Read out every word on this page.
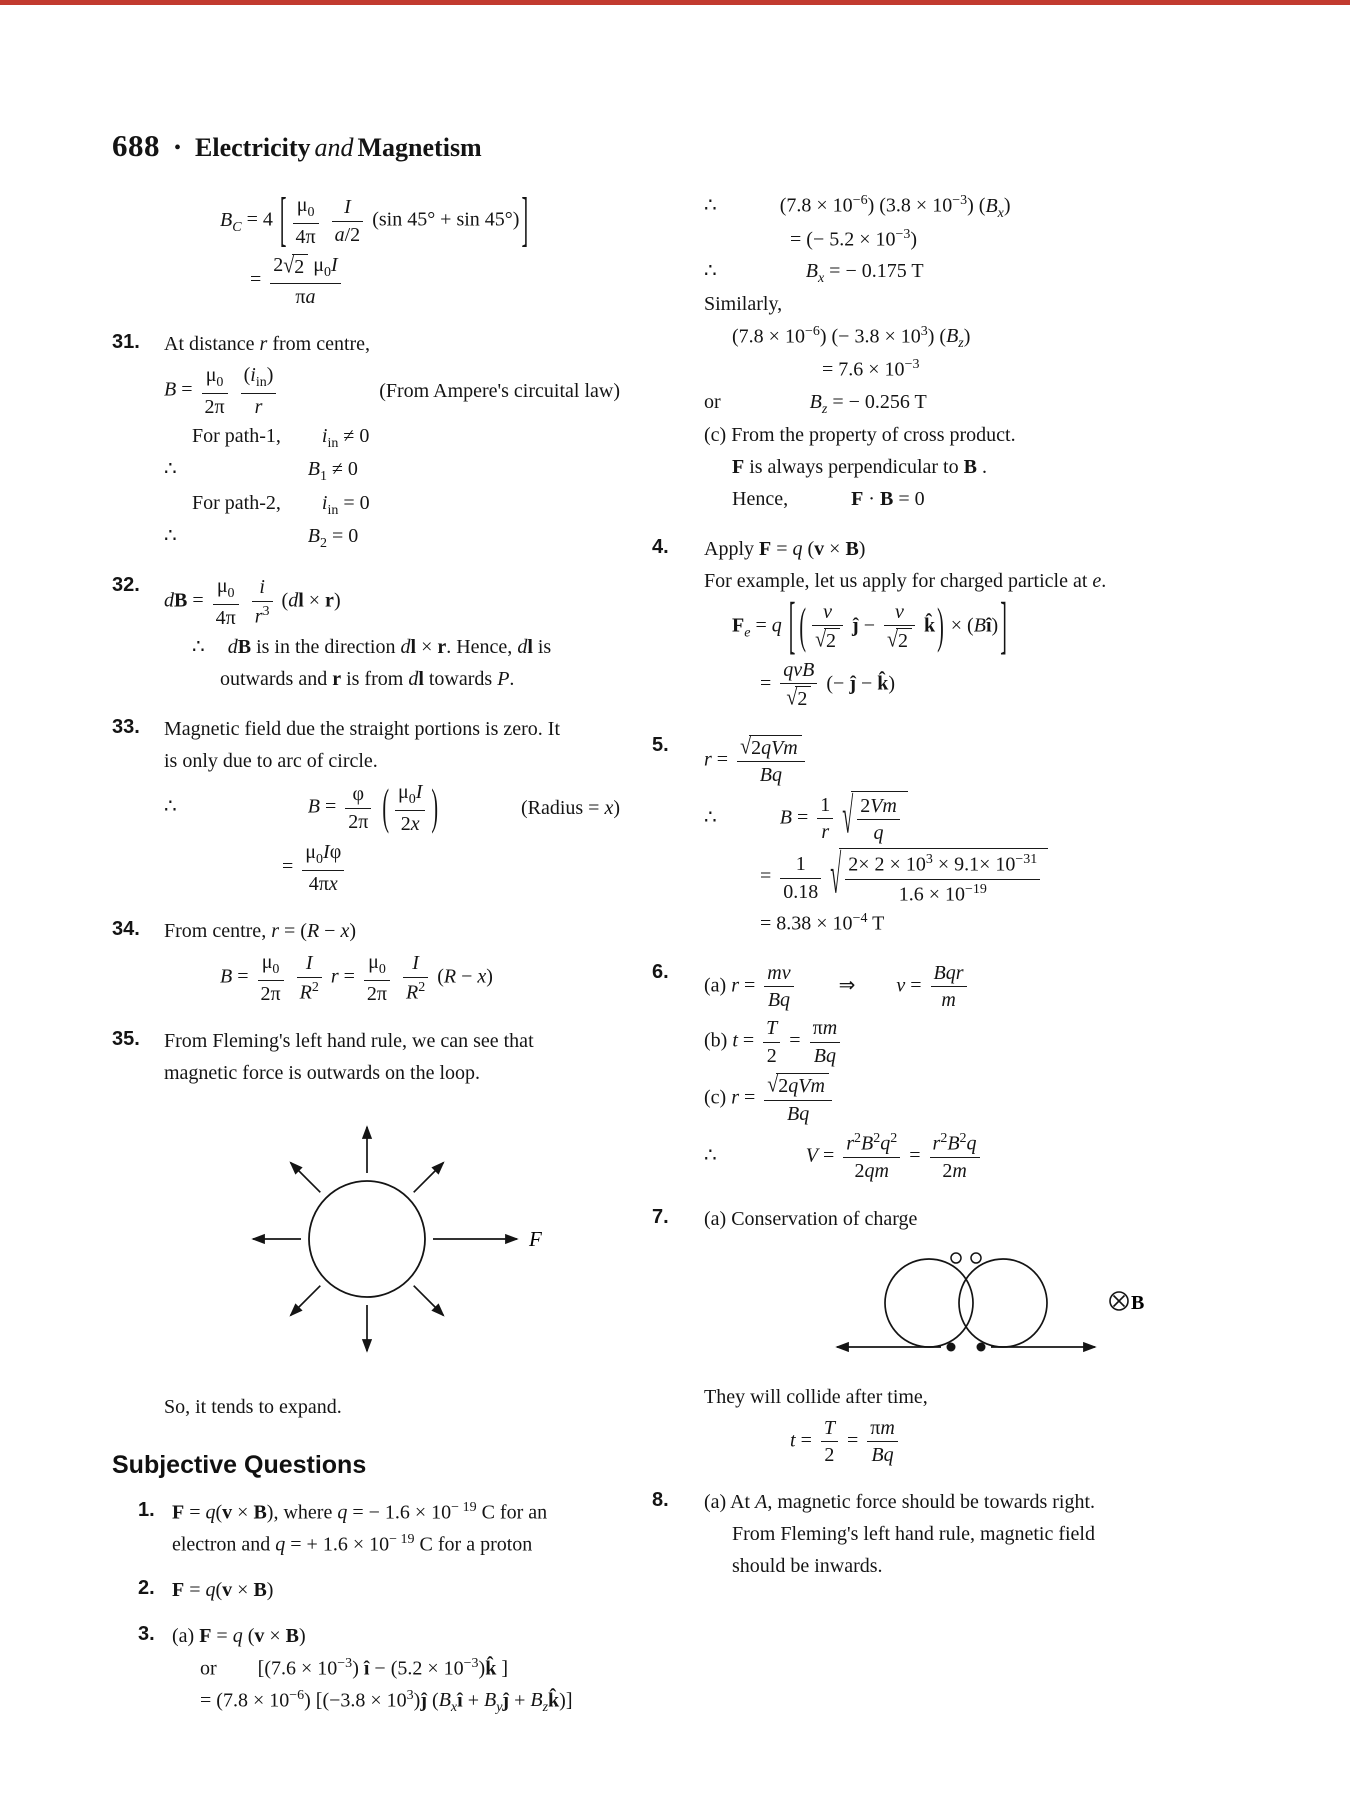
688 • Electricity and Magnetism
$B_C = 4$ [ $\frac{\mu_0}{4\pi}$
$\frac{I}{a/2} (\sin$ 45° + sin 45°) ]
= $\frac{2 √ 2 \mu_0I}{\pi a}$
31.	At distance r from centre,
$B = \frac{\mu_0}{2\pi}$
$(i_{in})$
r
(From Ampere's circuital law)
For path-1, $i_{in} \ne 0$
∴	$B_1 \ne 0$
For path-2, $i_{in} = 0$
∴	$B_2 = 0$
32.
dB = $\frac{\mu_0}{4\pi}$
$\frac{i}{r^3} (dl \times r)$
∴ dB is in the direction dl × r. Hence, dl is
outwards and r is from dl towards P.
33.	Magnetic field due the straight portions is zero. It
is only due to arc of circle.
∴	$B = \frac{\varphi}{2\pi}$ ( $\frac{\mu_0I}{2x}$ )	(Radius = x)
= $\frac{\mu_0I\varphi}{4\pi x}$
34.	From centre, r = (R − x)
$B = \frac{\mu_0}{2\pi}$
$\frac{I}{R^2}$ $r = \frac{\mu_0}{2\pi}$
$\frac{I}{R^2} (R - x)$
35.	From Fleming's left hand rule, we can see that
magnetic force is outwards on the loop.
F
So, it tends to expand.
Subjective Questions
1. F = q(v × B), where q = − $1.6 \times 10^{- 19}$ C for an
electron and q = + $1.6 \times 10^{- 19}$ C for a proton
2. F = q(v × B)
3. (a) F = q (v × B)
or [$(7.6 \times 10^{-3})$ î − $(5.2 \times 10^{-3})k̂$ ]
= $(7.8 \times 10^{-6})$ [$(-3.8 \times 10^3)ĵ$ ($B_xî$ + $B_yĵ$ + $B_zk̂$)]
∴	$(7.8 \times 10^{-6})$ $(3.8 \times 10^{-3})$ $(B_x)$
= (− $5.2 \times 10^{-3}$)
∴	$B_x$ = − 0.175 T
Similarly,
$(7.8 \times 10^{-6})$ (− $3.8 \times 10^3$) $(B_z)$
= $7.6 \times 10^{-3}$
or	$B_z$ = − 0.256 T
(c) From the property of cross product.
F is always perpendicular to B .
Hence,	F · B = 0
4.	Apply F = q (v × B)
For example, let us apply for charged particle at e.
$F_e = q$ [ ( $\frac{v}{√ 2}$ ĵ − $\frac{v}{√ 2}$ k̂ ) × (Bî) ]
=
qvB
√ 2
(− ĵ − k̂)
5.
r =
√ 2qVm
Bq
∴	$B = \frac{1}{r}$
√ $\frac{2Vm}{q}$
= $\frac{1}{0.18}$
√ $\frac{2\times 2 \times 10^3 \times 9.1\times 10^{-31}}{1.6 \times 10^{-19}}$
= $8.38 \times 10^{-4}$ T
6.
(a) $r = \frac{mv}{Bq}$ ⇒ v =
Bqr
m
(b) $t = \frac{T}{2} = \frac{\pi m}{Bq}$
(c) r =
√ 2qVm
Bq
∴	$V = \frac{r^2B^2q^2}{2qm} = \frac{r^2B^2q}{2m}$
7.	(a) Conservation of charge
B
They will collide after time,
$t = \frac{T}{2} = \frac{\pi m}{Bq}$
8.	(a) At A, magnetic force should be towards right.
From Fleming's left hand rule, magnetic field
should be inwards.
